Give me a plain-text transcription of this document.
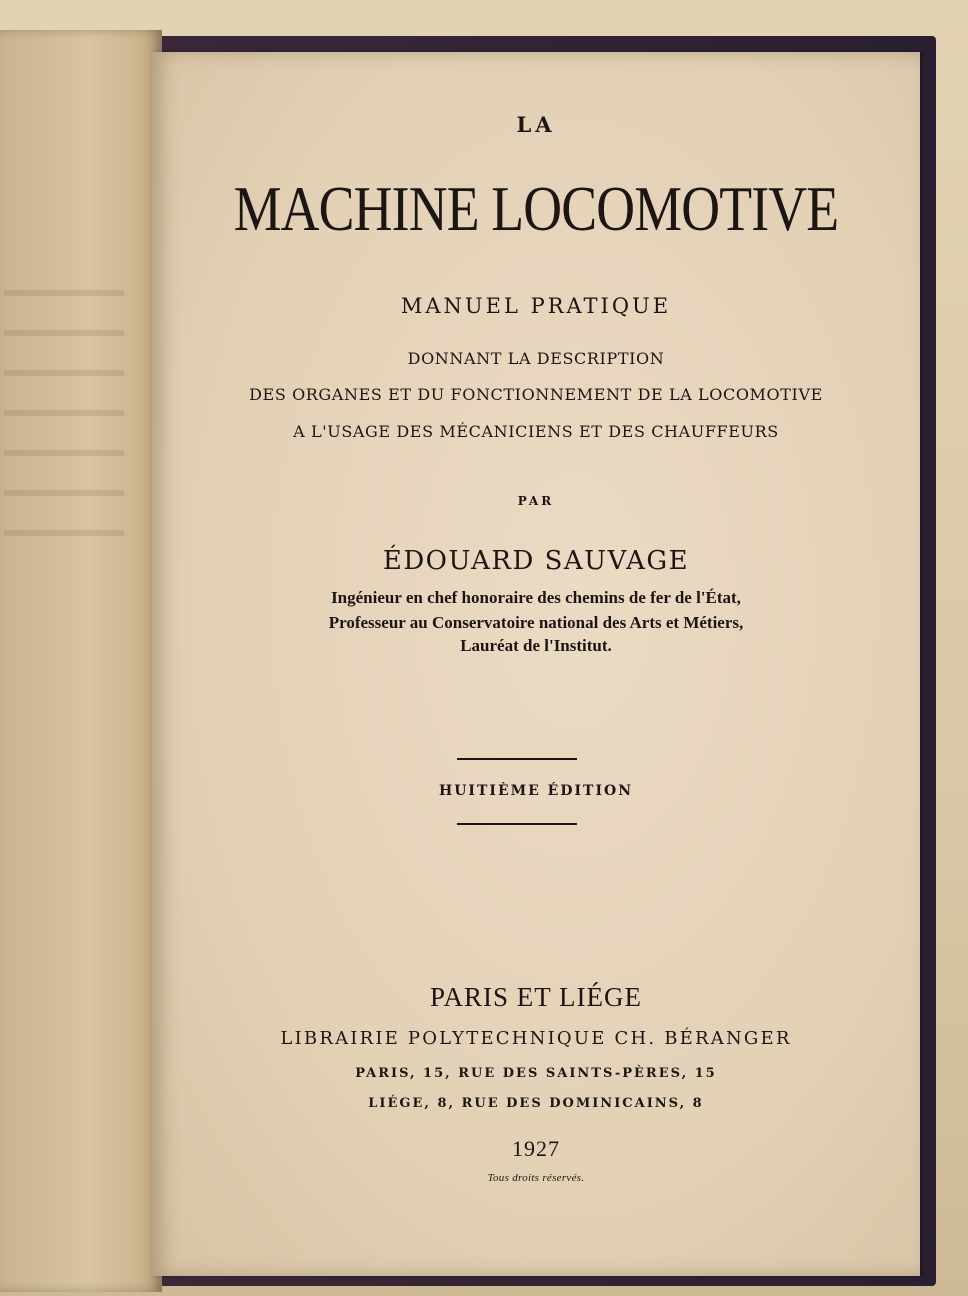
LA

MACHINE LOCOMOTIVE

MANUEL PRATIQUE

DONNANT LA DESCRIPTION

DES ORGANES ET DU FONCTIONNEMENT DE LA LOCOMOTIVE

A L'USAGE DES MÉCANICIENS ET DES CHAUFFEURS

PAR

ÉDOUARD SAUVAGE

Ingénieur en chef honoraire des chemins de fer de l'État,

Professeur au Conservatoire national des Arts et Métiers,

Lauréat de l'Institut.

HUITIÈME ÉDITION

PARIS ET LIÉGE

LIBRAIRIE POLYTECHNIQUE CH. BÉRANGER

PARIS, 15, RUE DES SAINTS-PÈRES, 15

LIÉGE, 8, RUE DES DOMINICAINS, 8

1927

Tous droits réservés.
